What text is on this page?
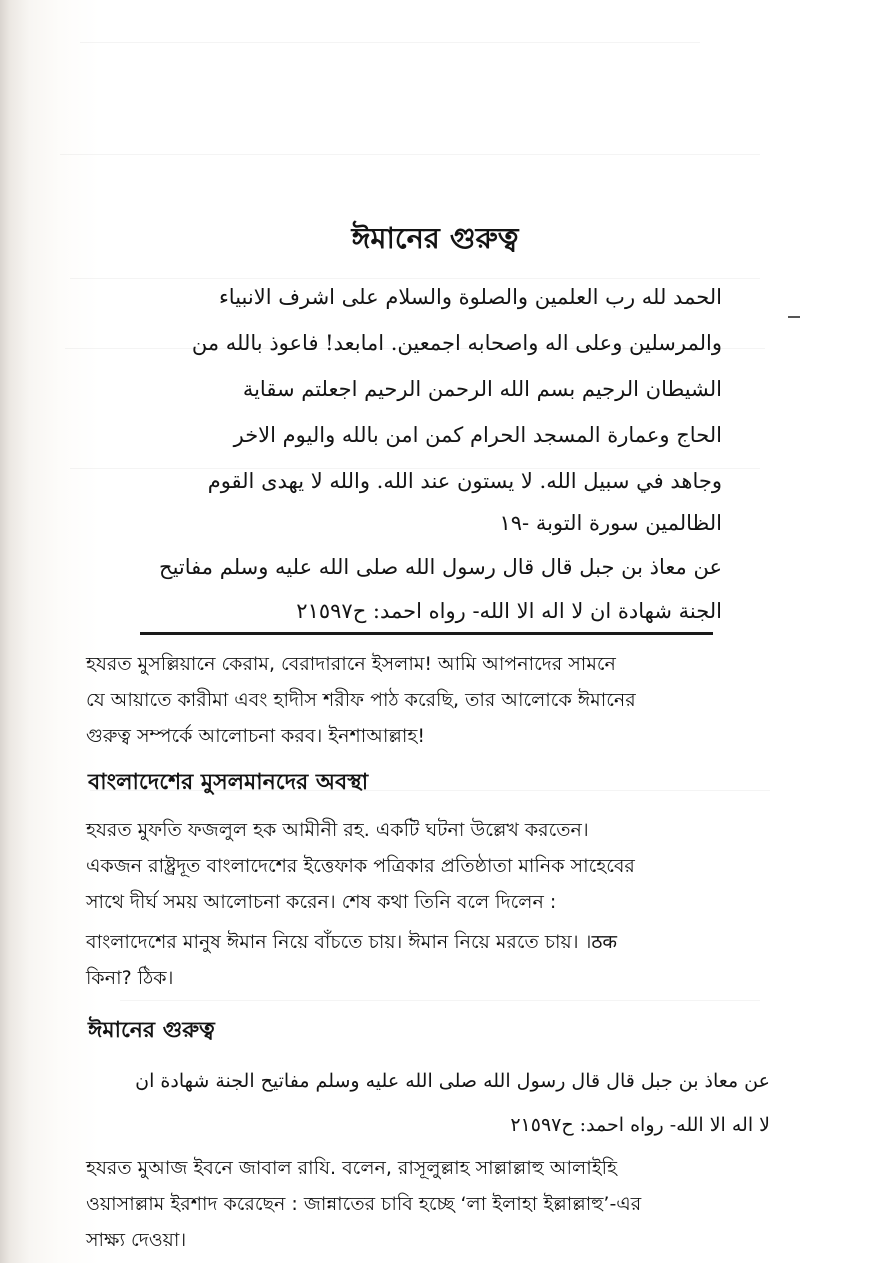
ঈমানের গুরুত্ব
الحمد لله رب العلمين والصلوة والسلام على اشرف الانبياء
والمرسلين وعلى اله واصحابه اجمعين. امابعد! فاعوذ بالله من
الشيطان الرجيم بسم الله الرحمن الرحيم اجعلتم سقاية
الحاج وعمارة المسجد الحرام كمن امن بالله واليوم الاخر
وجاهد في سبيل الله. لا يستون عند الله. والله لا يهدى القوم
الظالمين سورة التوبة -١٩
عن معاذ بن جبل قال قال رسول الله صلى الله عليه وسلم مفاتيح
الجنة شهادة ان لا اله الا الله- رواه احمد: ح٢١٥٩٧
হযরত মুসল্লিয়ানে কেরাম, বেরাদারানে ইসলাম! আমি আপনাদের সামনে
যে আয়াতে কারীমা এবং হাদীস শরীফ পাঠ করেছি, তার আলোকে ঈমানের
গুরুত্ব সম্পর্কে আলোচনা করব। ইনশাআল্লাহ!
বাংলাদেশের মুসলমানদের অবস্থা
হযরত মুফতি ফজলুল হক আমীনী রহ. একটি ঘটনা উল্লেখ করতেন।
একজন রাষ্ট্রদূত বাংলাদেশের ইত্তেফাক পত্রিকার প্রতিষ্ঠাতা মানিক সাহেবের
সাথে দীর্ঘ সময় আলোচনা করেন। শেষ কথা তিনি বলে দিলেন :
বাংলাদেশের মানুষ ঈমান নিয়ে বাঁচতে চায়। ঈমান নিয়ে মরতে চায়। ।ठक
কিনা? ঠিক।
ঈমানের গুরুত্ব
عن معاذ بن جبل قال قال رسول الله صلى الله عليه وسلم مفاتيح الجنة شهادة ان
لا اله الا الله- رواه احمد: ح٢١٥٩٧
হযরত মুআজ ইবনে জাবাল রাযি. বলেন, রাসূলুল্লাহ সাল্লাল্লাহু আলাইহি
ওয়াসাল্লাম ইরশাদ করেছেন : জান্নাতের চাবি হচ্ছে ‘লা ইলাহা ইল্লাল্লাহু’-এর
সাক্ষ্য দেওয়া।
